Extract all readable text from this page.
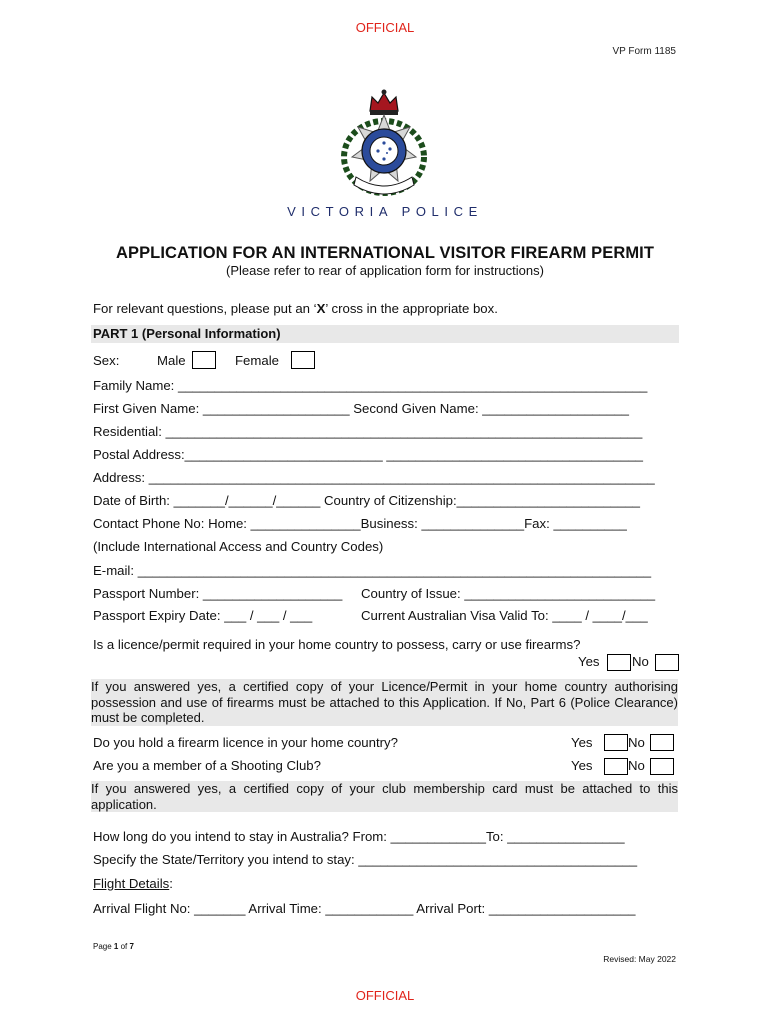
OFFICIAL
VP Form 1185
VICTORIA POLICE
APPLICATION FOR AN INTERNATIONAL VISITOR FIREARM PERMIT
(Please refer to rear of application form for instructions)
For relevant questions, please put an ‘X’ cross in the appropriate box.
PART 1 (Personal Information)
Sex:	Male	Female
Family Name: ________________________________________________________________
First Given Name: ____________________ Second Given Name: ____________________
Residential: _________________________________________________________________
Postal Address:___________________________ ___________________________________
Address: _____________________________________________________________________
Date of Birth: _______/______/______ Country of Citizenship:_________________________
Contact Phone No: Home: _______________Business: ______________Fax: __________
(Include International Access and Country Codes)
E-mail: ______________________________________________________________________
Passport Number: ___________________ Country of Issue: __________________________
Passport Expiry Date: ___ / ___ / ___	Current Australian Visa Valid To: ____ / ____/___
Is a licence/permit required in your home country to possess, carry or use firearms?
Yes No
If you answered yes, a certified copy of your Licence/Permit in your home country authorising possession and use of firearms must be attached to this Application. If No, Part 6 (Police Clearance) must be completed.
Do you hold a firearm licence in your home country?	Yes	No
Are you a member of a Shooting Club?	Yes	No
If you answered yes, a certified copy of your club membership card must be attached to this application.
How long do you intend to stay in Australia? From: _____________To: ________________
Specify the State/Territory you intend to stay: ______________________________________
Flight Details:
Arrival Flight No: _______ Arrival Time: ____________ Arrival Port: ____________________
Page 1 of 7
Revised: May 2022
OFFICIAL
